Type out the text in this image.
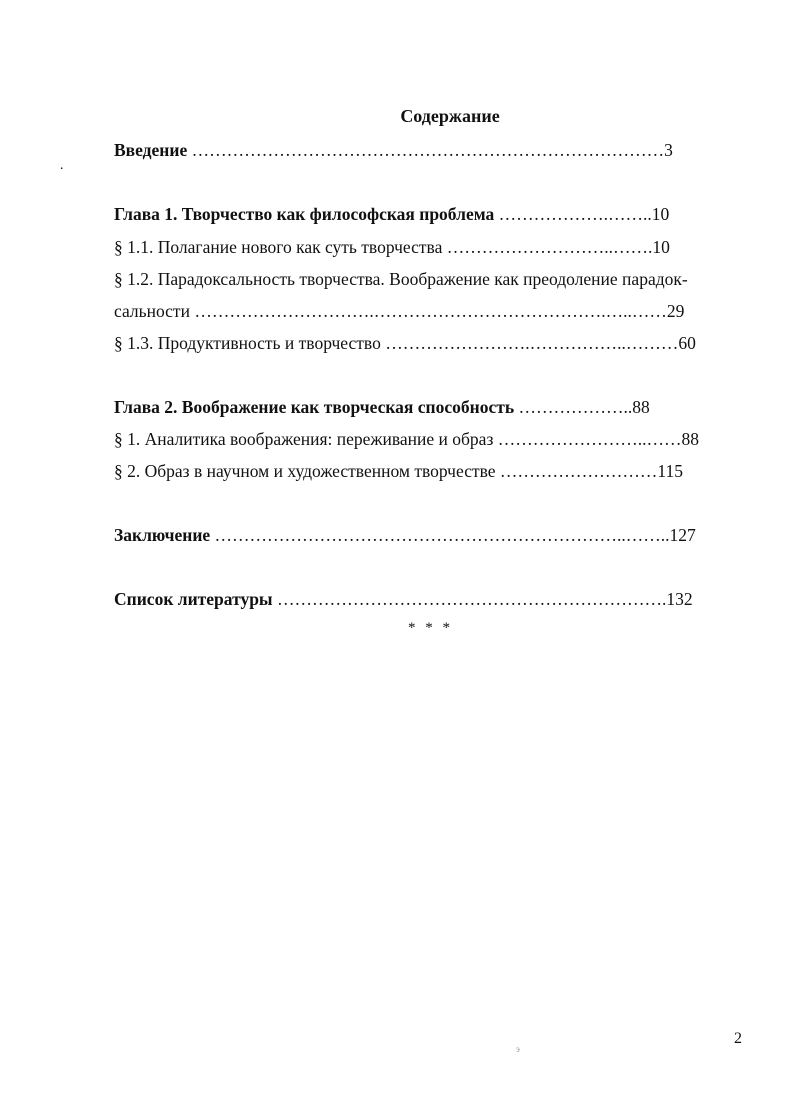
Содержание
.
Введение ………………………………………………………………………3
Глава 1. Творчество как философская проблема ……………….……..10
§ 1.1. Полагание нового как суть творчества ………………………..…….10
§ 1.2. Парадоксальность творчества. Воображение как преодоление парадок-
сальности ………………………….………………………………….…..……29
§ 1.3. Продуктивность и творчество …………………….……………..………60
Глава 2. Воображение как творческая способность ………………..88
§ 1. Аналитика воображения: переживание и образ ……………………..……88
§ 2. Образ в научном и художественном творчестве ………………………115
Заключение ……………………………………………………………..……..127
Список литературы ………………………………………………………….132
* * *
э
2
